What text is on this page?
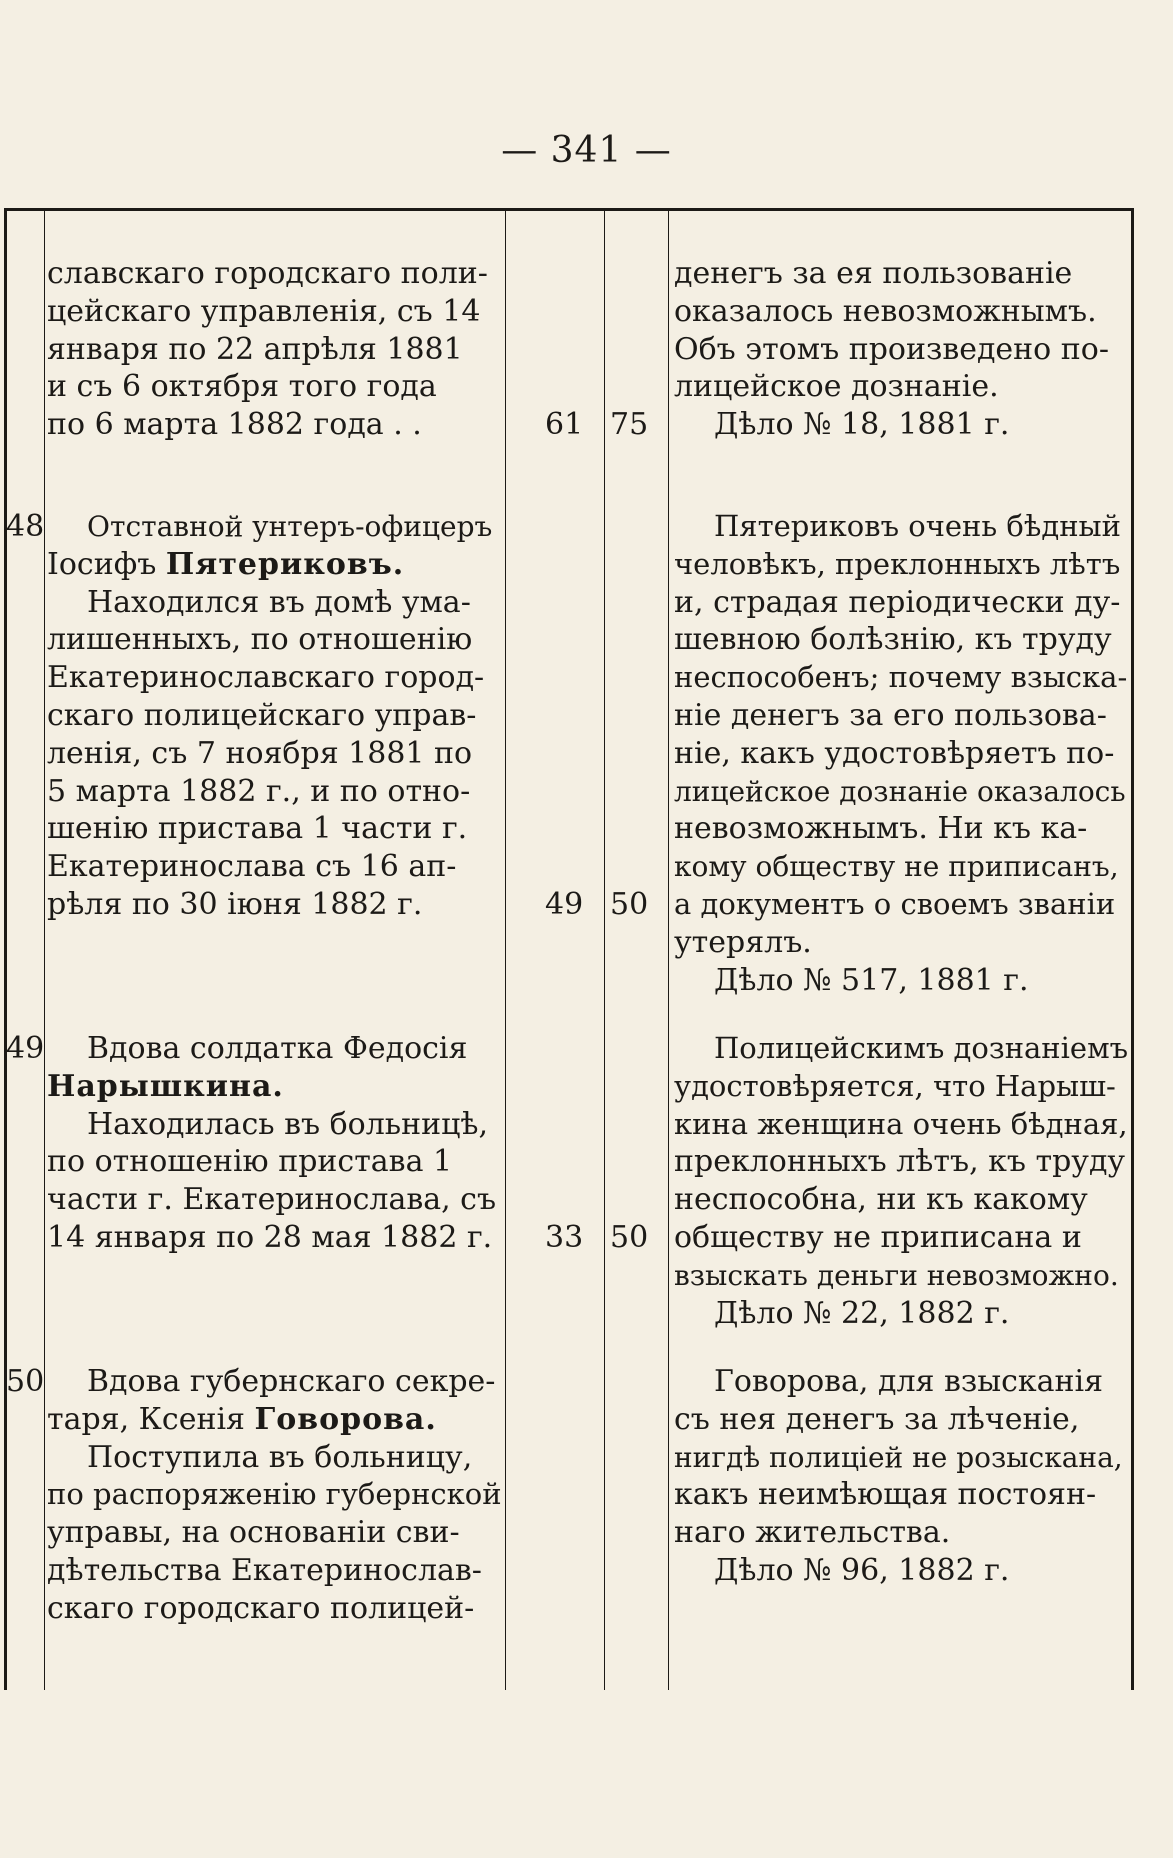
— 341 —
славскаго городскаго поли-
цейскаго управленія, съ 14
января по 22 апрѣля 1881
и съ 6 октября того года
по 6 марта 1882 года . .	61 75
денегъ за ея пользованіе
оказалось невозможнымъ.
Объ этомъ произведено по-
лицейское дознаніе.
Дѣло № 18, 1881 г.
48	Отставной унтеръ-офицеръ
Іосифъ Пятериковъ.
Находился въ домѣ ума-
лишенныхъ, по отношенію
Екатеринославскаго город-
скаго полицейскаго управ-
ленія, съ 7 ноября 1881 по
5 марта 1882 г., и по отно-
шенію пристава 1 части г.
Екатеринослава съ 16 ап-
рѣля по 30 іюня 1882 г.	49 50
Пятериковъ очень бѣдный
человѣкъ, преклонныхъ лѣтъ
и, страдая періодически ду-
шевною болѣзнію, къ труду
неспособенъ; почему взыска-
ніе денегъ за его пользова-
ніе, какъ удостовѣряетъ по-
лицейское дознаніе оказалось
невозможнымъ. Ни къ ка-
кому обществу не приписанъ,
а документъ о своемъ званіи
утерялъ.
Дѣло № 517, 1881 г.
49	Вдова солдатка Федосія
Нарышкина.
Находилась въ больницѣ,
по отношенію пристава 1
части г. Екатеринослава, съ
14 января по 28 мая 1882 г.	33 50
Полицейскимъ дознаніемъ
удостовѣряется, что Нарыш-
кина женщина очень бѣдная,
преклонныхъ лѣтъ, къ труду
неспособна, ни къ какому
обществу не приписана и
взыскать деньги невозможно.
Дѣло № 22, 1882 г.
50	Вдова губернскаго секре-
таря, Ксенія Говорова.
Поступила въ больницу,
по распоряженію губернской
управы, на основаніи сви-
дѣтельства Екатеринослав-
скаго городскаго полицей-
Говорова, для взысканія
съ нея денегъ за лѣченіе,
нигдѣ полиціей не розыскана,
какъ неимѣющая постоян-
наго жительства.
Дѣло № 96, 1882 г.
